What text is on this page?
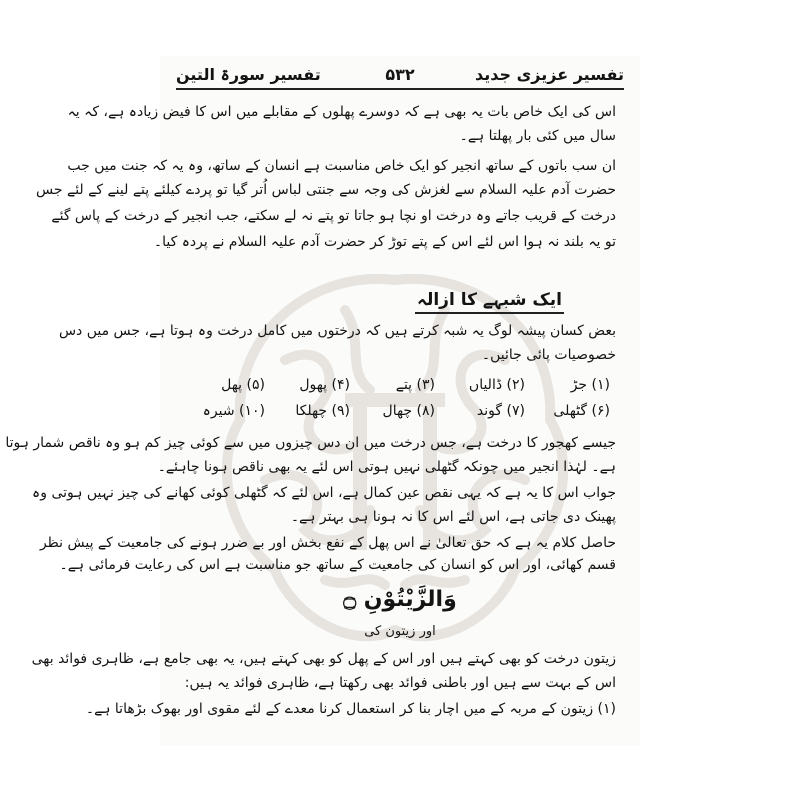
تفسیر عزیزی جدید
۵۳۲
تفسیر سورۃ التین
اس کی ایک خاص بات یہ بھی ہے کہ دوسرے پھلوں کے مقابلے میں اس کا فیض زیادہ ہے، کہ یہ
سال میں کئی بار پھلتا ہے۔
ان سب باتوں کے ساتھ انجیر کو ایک خاص مناسبت ہے انسان کے ساتھ، وہ یہ کہ جنت میں جب
حضرت آدم علیہ السلام سے لغزش کی وجہ سے جنتی لباس اُتر گیا تو پردے کیلئے پتے لینے کے لئے جس
درخت کے قریب جاتے وہ درخت او نچا ہو جاتا تو پتے نہ لے سکتے، جب انجیر کے درخت کے پاس گئے
تو یہ بلند نہ ہوا اس لئے اس کے پتے توڑ کر حضرت آدم علیہ السلام نے پردہ کیا۔
ایک شبہے کا ازالہ
بعض کسان پیشہ لوگ یہ شبہ کرتے ہیں کہ درختوں میں کامل درخت وہ ہوتا ہے، جس میں دس
خصوصیات پائی جائیں۔
(۱) جڑ
(۲) ڈالیاں
(۳) پتے
(۴) پھول
(۵) پھل
(۶) گٹھلی
(۷) گوند
(۸) چھال
(۹) چھلکا
(۱۰) شیرہ
جیسے کھجور کا درخت ہے، جس درخت میں ان دس چیزوں میں سے کوئی چیز کم ہو وہ ناقص شمار ہوتا
ہے۔ لہٰذا انجیر میں چونکہ گٹھلی نہیں ہوتی اس لئے یہ بھی ناقص ہونا چاہئے۔
جواب اس کا یہ ہے کہ یہی نقص عین کمال ہے، اس لئے کہ گٹھلی کوئی کھانے کی چیز نہیں ہوتی وہ
پھینک دی جاتی ہے، اس لئے اس کا نہ ہونا ہی بہتر ہے۔
حاصل کلام یہ ہے کہ حق تعالیٰ نے اس پھل کے نفع بخش اور بے ضرر ہونے کی جامعیت کے پیش نظر
قسم کھائی، اور اس کو انسان کی جامعیت کے ساتھ جو مناسبت ہے اس کی رعایت فرمائی ہے۔
وَالزَّیْتُوْنِ ۝
اور زیتون کی
زیتون درخت کو بھی کہتے ہیں اور اس کے پھل کو بھی کہتے ہیں، یہ بھی جامع ہے، ظاہری فوائد بھی
اس کے بہت سے ہیں اور باطنی فوائد بھی رکھتا ہے، ظاہری فوائد یہ ہیں:
(۱) زیتون کے مربہ کے میں اچار بنا کر استعمال کرنا معدے کے لئے مقوی اور بھوک بڑھاتا ہے۔
